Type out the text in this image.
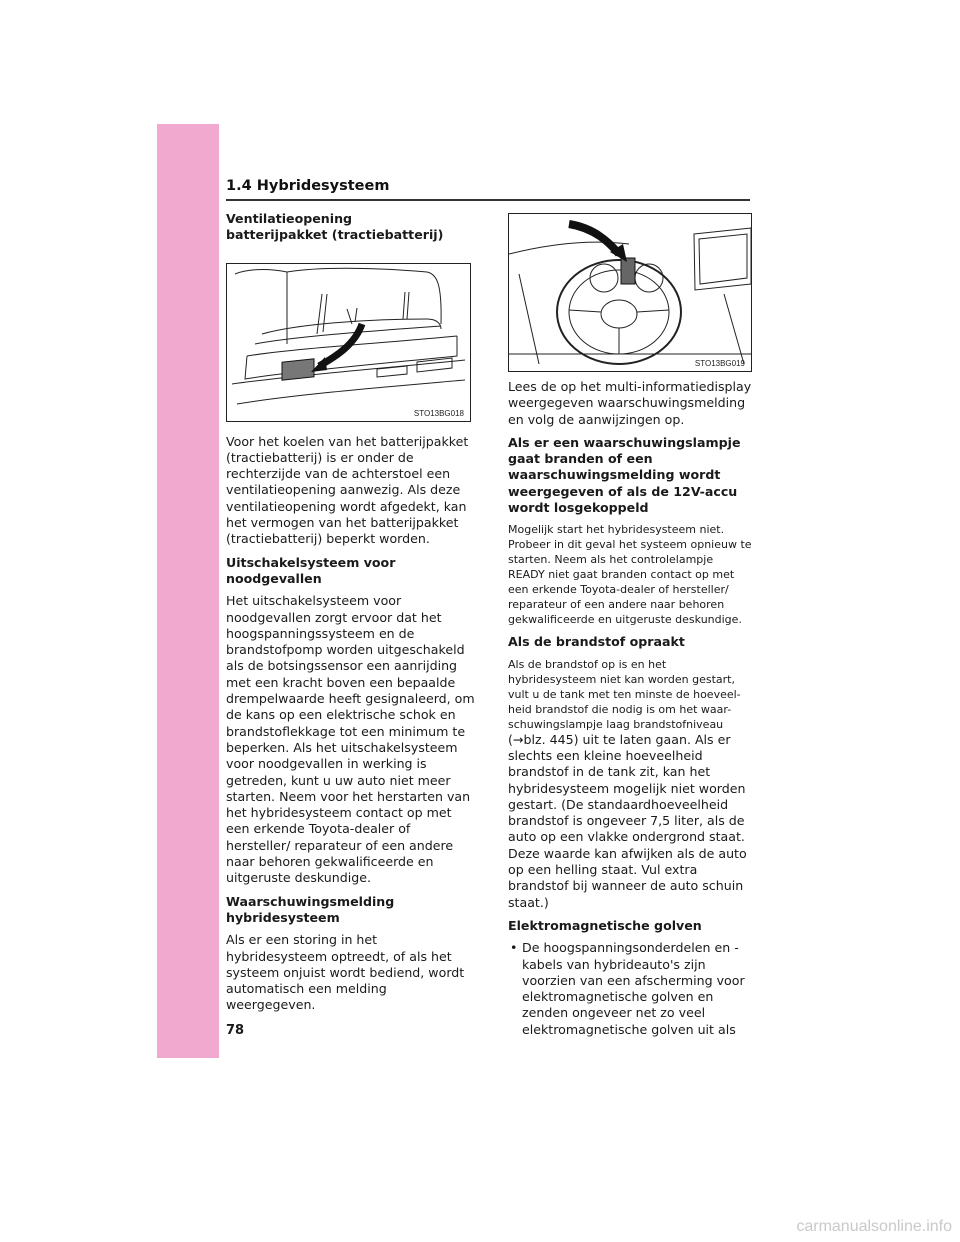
1.4 Hybridesysteem
Ventilatieopening batterijpakket (tractiebatterij)

Voor het koelen van het batterijpakket (tractiebatterij) is er onder de rechterzijde van de achterstoel een ventilatieopening aanwezig. Als deze ventilatieopening wordt afgedekt, kan het vermogen van het batterijpakket (tractiebatterij) beperkt worden.

Uitschakelsysteem voor noodgevallen

Het uitschakelsysteem voor noodgevallen zorgt ervoor dat het hoogspanningssysteem en de brandstofpomp worden uitgeschakeld als de botsingssensor een aanrijding met een kracht boven een bepaalde drempelwaarde heeft gesignaleerd, om de kans op een elektrische schok en brandstoflekkage tot een minimum te beperken. Als het uitschakelsysteem voor noodgevallen in werking is getreden, kunt u uw auto niet meer starten. Neem voor het herstarten van het hybridesysteem contact op met een erkende Toyota-dealer of hersteller/ reparateur of een andere naar behoren gekwalificeerde en uitgeruste deskundige.

Waarschuwingsmelding hybridesysteem

Als er een storing in het hybridesysteem optreedt, of als het systeem onjuist wordt bediend, wordt automatisch een melding weergegeven.

STO13BG018
STO13BG019

Lees de op het multi-informatiedisplay weergegeven waarschuwingsmelding en volg de aanwijzingen op.

Als er een waarschuwingslampje gaat branden of een waarschuwingsmelding wordt weergegeven of als de 12V-accu wordt losgekoppeld

Mogelijk start het hybridesysteem niet. Probeer in dit geval het systeem opnieuw te starten. Neem als het controlelampje READY niet gaat branden contact op met een erkende Toyota-dealer of hersteller/ reparateur of een andere naar behoren gekwalificeerde en uitgeruste deskundige.

Als de brandstof opraakt

Als de brandstof op is en het hybridesysteem niet kan worden gestart, vult u de tank met ten minste de hoeveel-heid brandstof die nodig is om het waar-schuwingslampje laag brandstofniveau

(→blz. 445) uit te laten gaan. Als er slechts een kleine hoeveelheid brandstof in de tank zit, kan het hybridesysteem mogelijk niet worden gestart. (De standaardhoeveelheid brandstof is ongeveer 7,5 liter, als de auto op een vlakke ondergrond staat. Deze waarde kan afwijken als de auto op een helling staat. Vul extra brandstof bij wanneer de auto schuin staat.)

Elektromagnetische golven
• De hoogspanningsonderdelen en -kabels van hybrideauto's zijn voorzien van een afscherming voor elektromagnetische golven en zenden ongeveer net zo veel elektromagnetische golven uit als
78
carmanualsonline.info
